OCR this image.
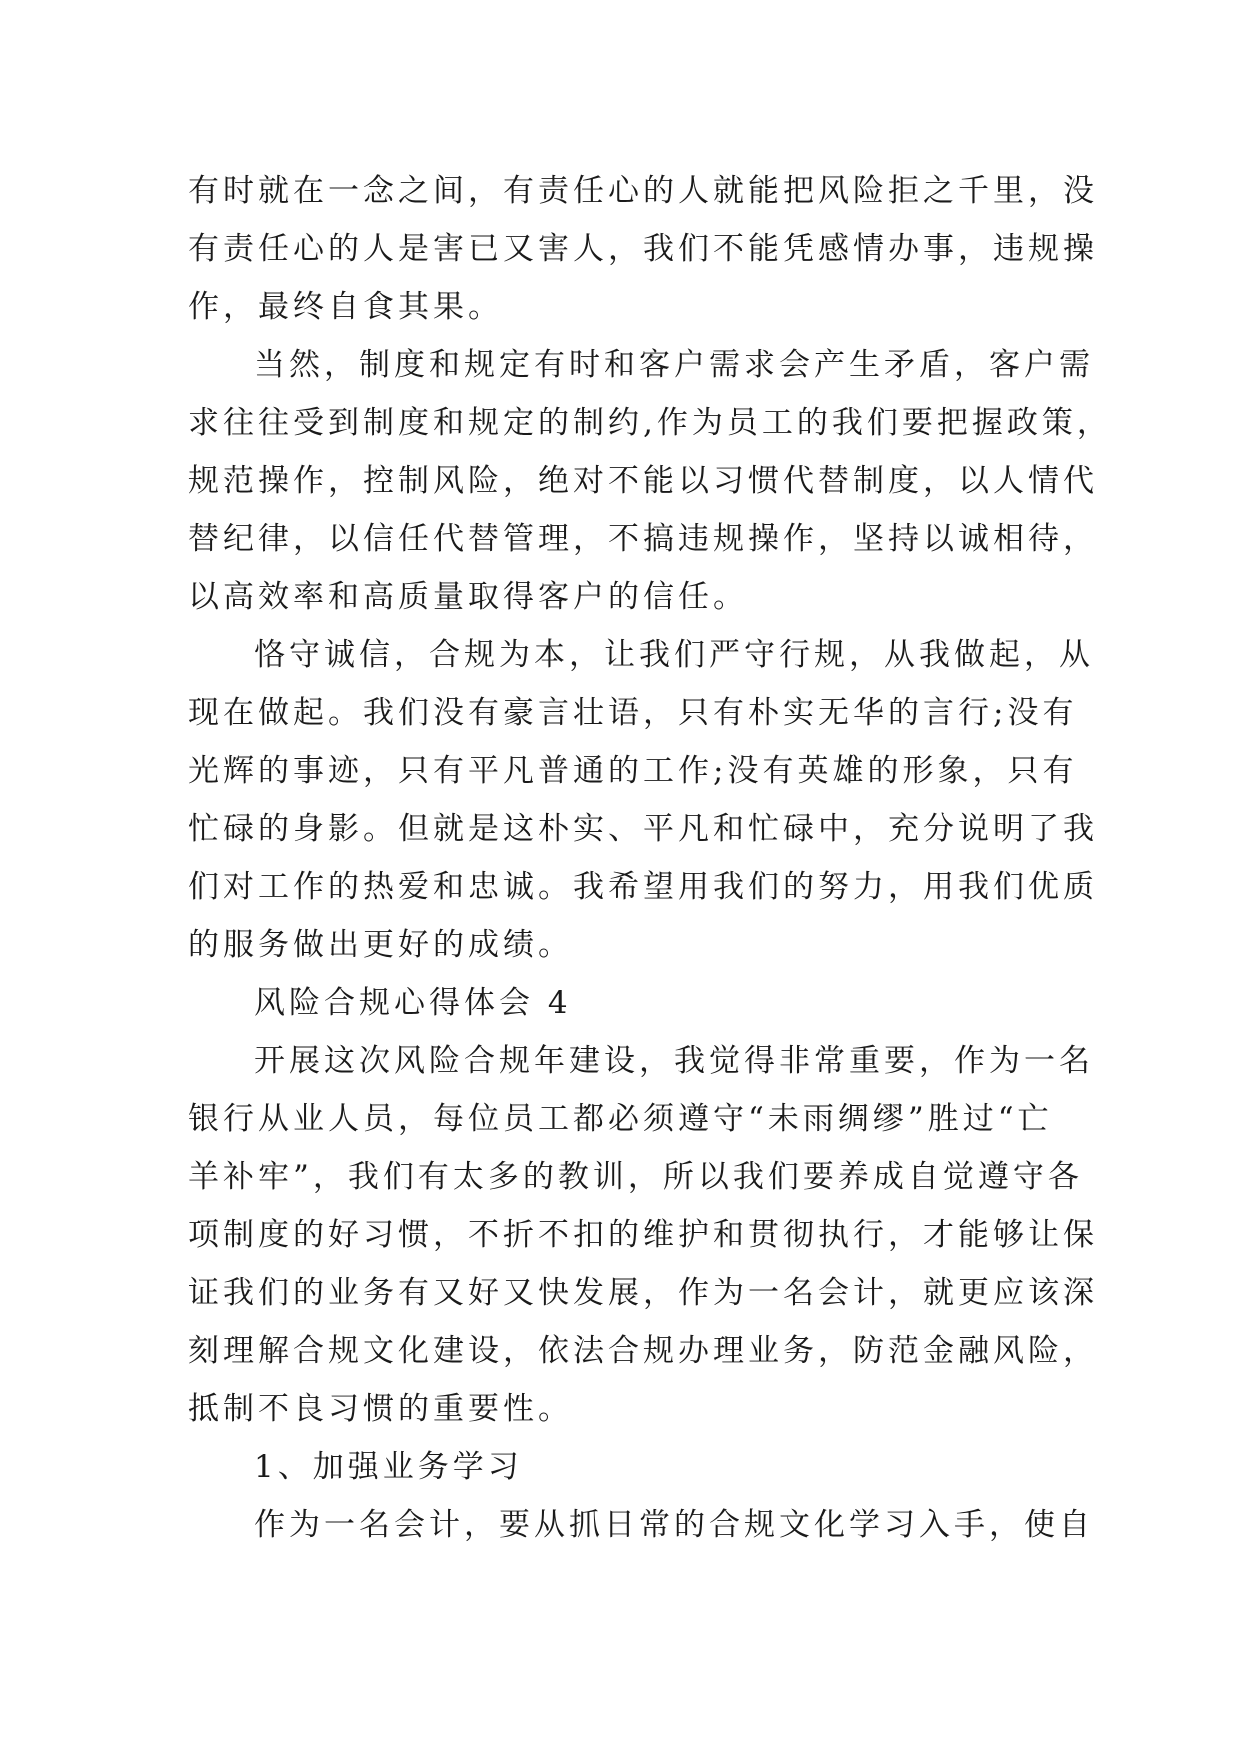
有时就在一念之间，有责任心的人就能把风险拒之千里，没
有责任心的人是害已又害人，我们不能凭感情办事，违规操
作，最终自食其果。
当然，制度和规定有时和客户需求会产生矛盾，客户需
求往往受到制度和规定的制约,作为员工的我们要把握政策，
规范操作，控制风险，绝对不能以习惯代替制度，以人情代
替纪律，以信任代替管理，不搞违规操作，坚持以诚相待，
以高效率和高质量取得客户的信任。
恪守诚信，合规为本，让我们严守行规，从我做起，从
现在做起。我们没有豪言壮语，只有朴实无华的言行;没有
光辉的事迹，只有平凡普通的工作;没有英雄的形象，只有
忙碌的身影。但就是这朴实、平凡和忙碌中，充分说明了我
们对工作的热爱和忠诚。我希望用我们的努力，用我们优质
的服务做出更好的成绩。
风险合规心得体会 4
开展这次风险合规年建设，我觉得非常重要，作为一名
银行从业人员，每位员工都必须遵守“未雨绸缪”胜过“亡
羊补牢”，我们有太多的教训，所以我们要养成自觉遵守各
项制度的好习惯，不折不扣的维护和贯彻执行，才能够让保
证我们的业务有又好又快发展，作为一名会计，就更应该深
刻理解合规文化建设，依法合规办理业务，防范金融风险，
抵制不良习惯的重要性。
1、加强业务学习
作为一名会计，要从抓日常的合规文化学习入手，使自
